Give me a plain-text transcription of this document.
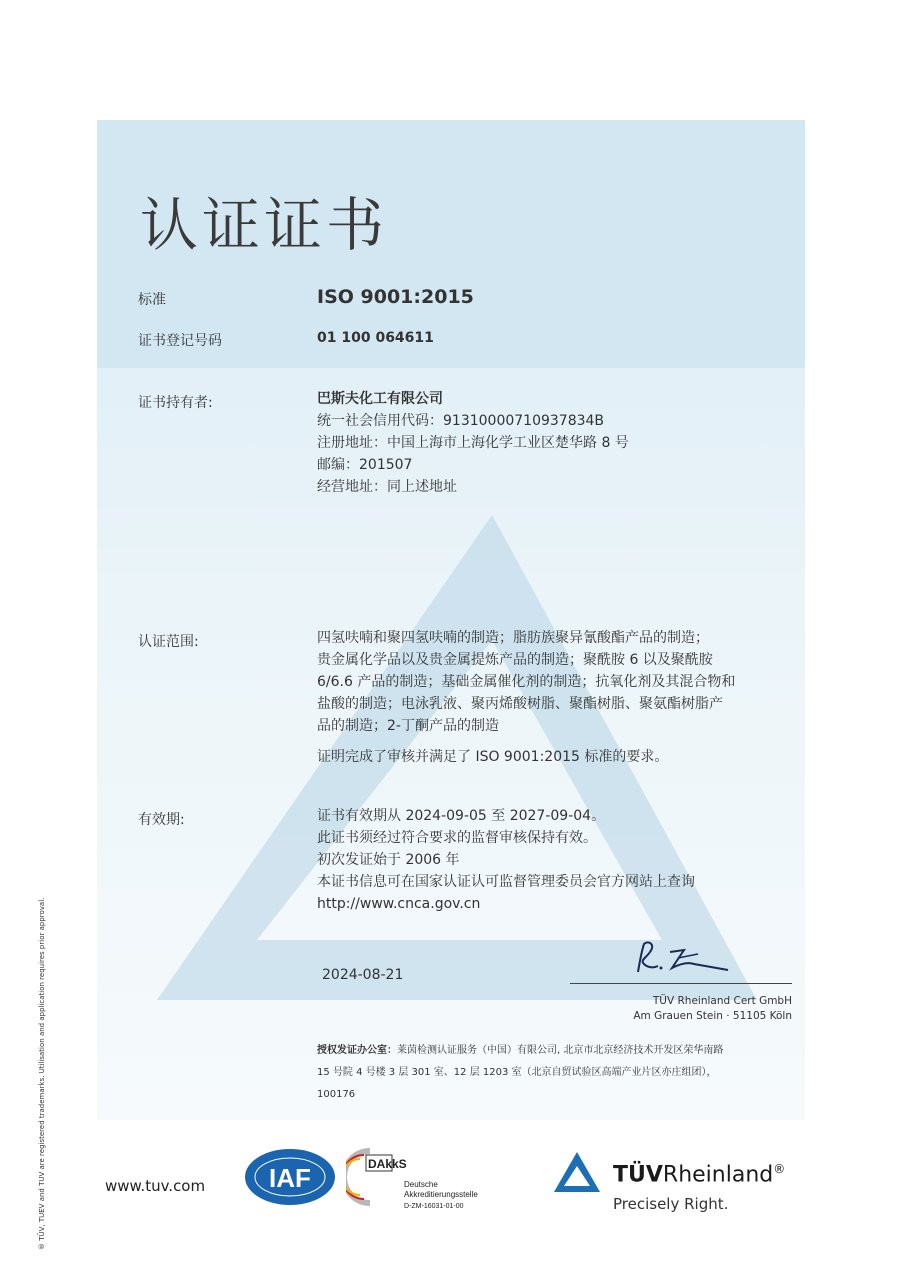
认证证书
标准	ISO 9001:2015
证书登记号码	01 100 064611
证书持有者:	巴斯夫化工有限公司
统一社会信用代码：91310000710937834B
注册地址：中国上海市上海化学工业区楚华路 8 号
邮编：201507
经营地址：同上述地址
认证范围:	四氢呋喃和聚四氢呋喃的制造；脂肪族聚异氰酸酯产品的制造；
贵金属化学品以及贵金属提炼产品的制造；聚酰胺 6 以及聚酰胺
6/6.6 产品的制造；基础金属催化剂的制造；抗氧化剂及其混合物和
盐酸的制造；电泳乳液、聚丙烯酸树脂、聚酯树脂、聚氨酯树脂产
品的制造；2-丁酮产品的制造
证明完成了审核并满足了 ISO 9001:2015 标准的要求。
有效期:	证书有效期从 2024-09-05 至 2027-09-04。
此证书须经过符合要求的监督审核保持有效。
初次发证始于 2006 年
本证书信息可在国家认证认可监督管理委员会官方网站上查询
http://www.cnca.gov.cn
2024-08-21
TÜV Rheinland Cert GmbH
Am Grauen Stein · 51105 Köln
授权发证办公室：莱茵检测认证服务（中国）有限公司, 北京市北京经济技术开发区荣华南路
15 号院 4 号楼 3 层 301 室、12 层 1203 室（北京自贸试验区高端产业片区亦庄组团），
100176
® TÜV, TUEV and TUV are registered trademarks. Utilisation and application requires prior approval.	www.tuv.com IAF	DAkkS
Deutsche
Akkreditierungsstelle
D-ZM-16031-01-00
TÜVRheinland®
Precisely Right.
